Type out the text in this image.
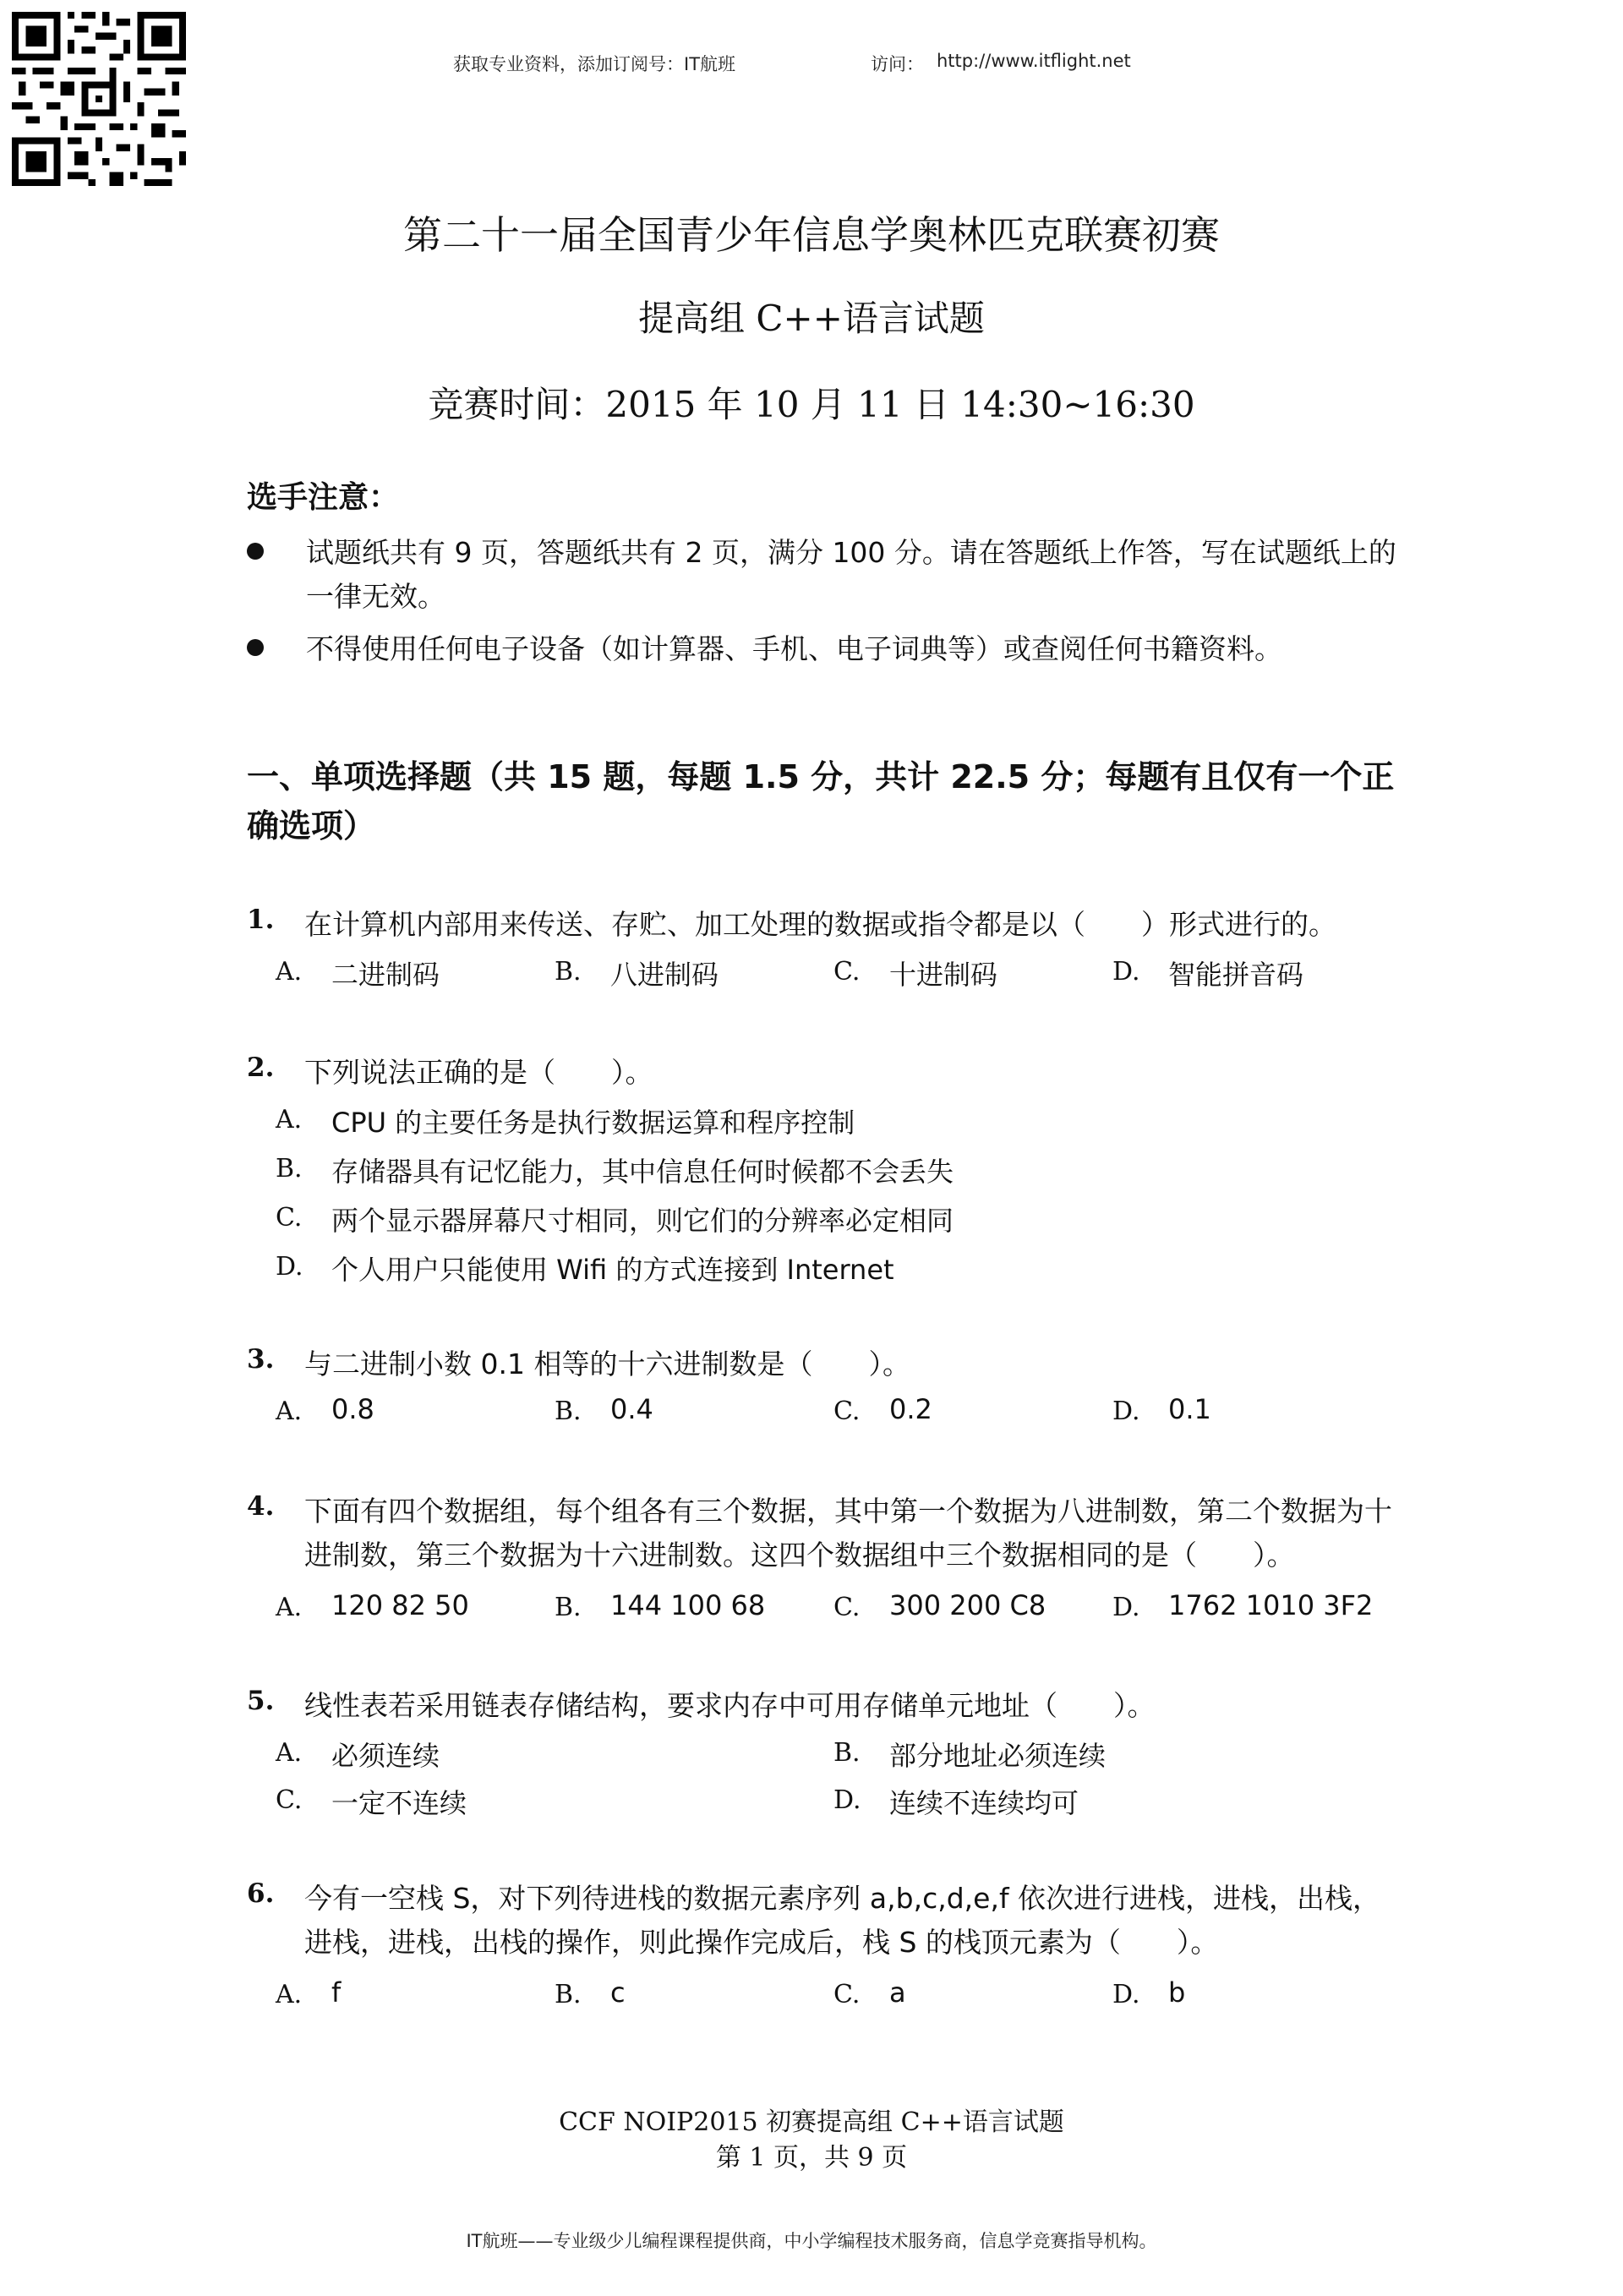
获取专业资料，添加订阅号：IT航班	访问： http://www.itflight.net
第二十一届全国青少年信息学奥林匹克联赛初赛
提高组 C++语言试题
竞赛时间：2015 年 10 月 11 日 14:30~16:30
选手注意：
试题纸共有 9 页，答题纸共有 2 页，满分 100 分。请在答题纸上作答，写在试题纸上的一律无效。
不得使用任何电子设备（如计算器、手机、电子词典等）或查阅任何书籍资料。
一、单项选择题（共 15 题，每题 1.5 分，共计 22.5 分；每题有且仅有一个正确选项）
1. 在计算机内部用来传送、存贮、加工处理的数据或指令都是以（　　）形式进行的。
A. 二进制码	B. 八进制码	C. 十进制码	D. 智能拼音码
2. 下列说法正确的是（　　）。
A. CPU 的主要任务是执行数据运算和程序控制
B. 存储器具有记忆能力，其中信息任何时候都不会丢失
C. 两个显示器屏幕尺寸相同，则它们的分辨率必定相同
D. 个人用户只能使用 Wifi 的方式连接到 Internet
3. 与二进制小数 0.1 相等的十六进制数是（　　）。
A. 0.8	B. 0.4	C. 0.2	D. 0.1
4. 下面有四个数据组，每个组各有三个数据，其中第一个数据为八进制数，第二个数据为十进制数，第三个数据为十六进制数。这四个数据组中三个数据相同的是（　　）。
A. 120 82 50	B. 144 100 68	C. 300 200 C8	D. 1762 1010 3F2
5. 线性表若采用链表存储结构，要求内存中可用存储单元地址（　　）。
A. 必须连续	B. 部分地址必须连续
C. 一定不连续	D. 连续不连续均可
6. 今有一空栈 S，对下列待进栈的数据元素序列 a,b,c,d,e,f 依次进行进栈，进栈，出栈，进栈，进栈，出栈的操作，则此操作完成后，栈 S 的栈顶元素为（　　）。
A. f	B. c	C. a	D. b
CCF NOIP2015 初赛提高组 C++语言试题
第 1 页，共 9 页
IT航班——专业级少儿编程课程提供商，中小学编程技术服务商，信息学竞赛指导机构。
